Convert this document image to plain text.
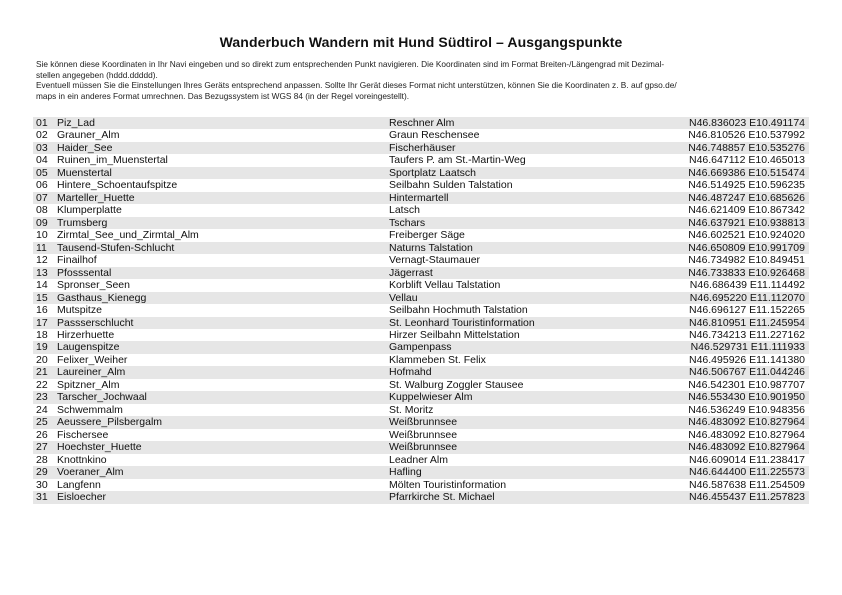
Wanderbuch Wandern mit Hund Südtirol – Ausgangspunkte

Sie können diese Koordinaten in Ihr Navi eingeben und so direkt zum entsprechenden Punkt navigieren. Die Koordinaten sind im Format Breiten-/Längengrad mit Dezimal-

stellen angegeben (hddd.ddddd).

Eventuell müssen Sie die Einstellungen Ihres Geräts entsprechend anpassen. Sollte Ihr Gerät dieses Format nicht unterstützen, können Sie die Koordinaten z. B. auf gpso.de/

maps in ein anderes Format umrechnen. Das Bezugssystem ist WGS 84 (in der Regel voreingestellt).

01	Piz_Lad	Reschner Alm	N46.836023 E10.491174
02	Grauner_Alm	Graun Reschensee	N46.810526 E10.537992
03	Haider_See	Fischerhäuser	N46.748857 E10.535276
04	Ruinen_im_Muenstertal	Taufers P. am St.-Martin-Weg	N46.647112 E10.465013
05	Muenstertal	Sportplatz Laatsch	N46.669386 E10.515474
06	Hintere_Schoentaufspitze	Seilbahn Sulden Talstation	N46.514925 E10.596235
07	Marteller_Huette	Hintermartell	N46.487247 E10.685626
08	Klumperplatte	Latsch	N46.621409 E10.867342
09	Trumsberg	Tschars	N46.637921 E10.938813
10	Zirmtal_See_und_Zirmtal_Alm	Freiberger Säge	N46.602521 E10.924020
11	Tausend-Stufen-Schlucht	Naturns Talstation	N46.650809 E10.991709
12	Finailhof	Vernagt-Staumauer	N46.734982 E10.849451
13	Pfosssental	Jägerrast	N46.733833 E10.926468
14	Spronser_Seen	Korblift Vellau Talstation	N46.686439 E11.114492
15	Gasthaus_Kienegg	Vellau	N46.695220 E11.112070
16	Mutspitze	Seilbahn Hochmuth Talstation	N46.696127 E11.152265
17	Passserschlucht	St. Leonhard Touristinformation	N46.810951 E11.245954
18	Hirzerhuette	Hirzer Seilbahn Mittelstation	N46.734213 E11.227162
19	Laugenspitze	Gampenpass	N46.529731 E11.111933
20	Felixer_Weiher	Klammeben St. Felix	N46.495926 E11.141380
21	Laureiner_Alm	Hofmahd	N46.506767 E11.044246
22	Spitzner_Alm	St. Walburg Zoggler Stausee	N46.542301 E10.987707
23	Tarscher_Jochwaal	Kuppelwieser Alm	N46.553430 E10.901950
24	Schwemmalm	St. Moritz	N46.536249 E10.948356
25	Aeussere_Pilsbergalm	Weißbrunnsee	N46.483092 E10.827964
26	Fischersee	Weißbrunnsee	N46.483092 E10.827964
27	Hoechster_Huette	Weißbrunnsee	N46.483092 E10.827964
28	Knottnkino	Leadner Alm	N46.609014 E11.238417
29	Voeraner_Alm	Hafling	N46.644400 E11.225573
30	Langfenn	Mölten Touristinformation	N46.587638 E11.254509
31	Eisloecher	Pfarrkirche St. Michael	N46.455437 E11.257823
